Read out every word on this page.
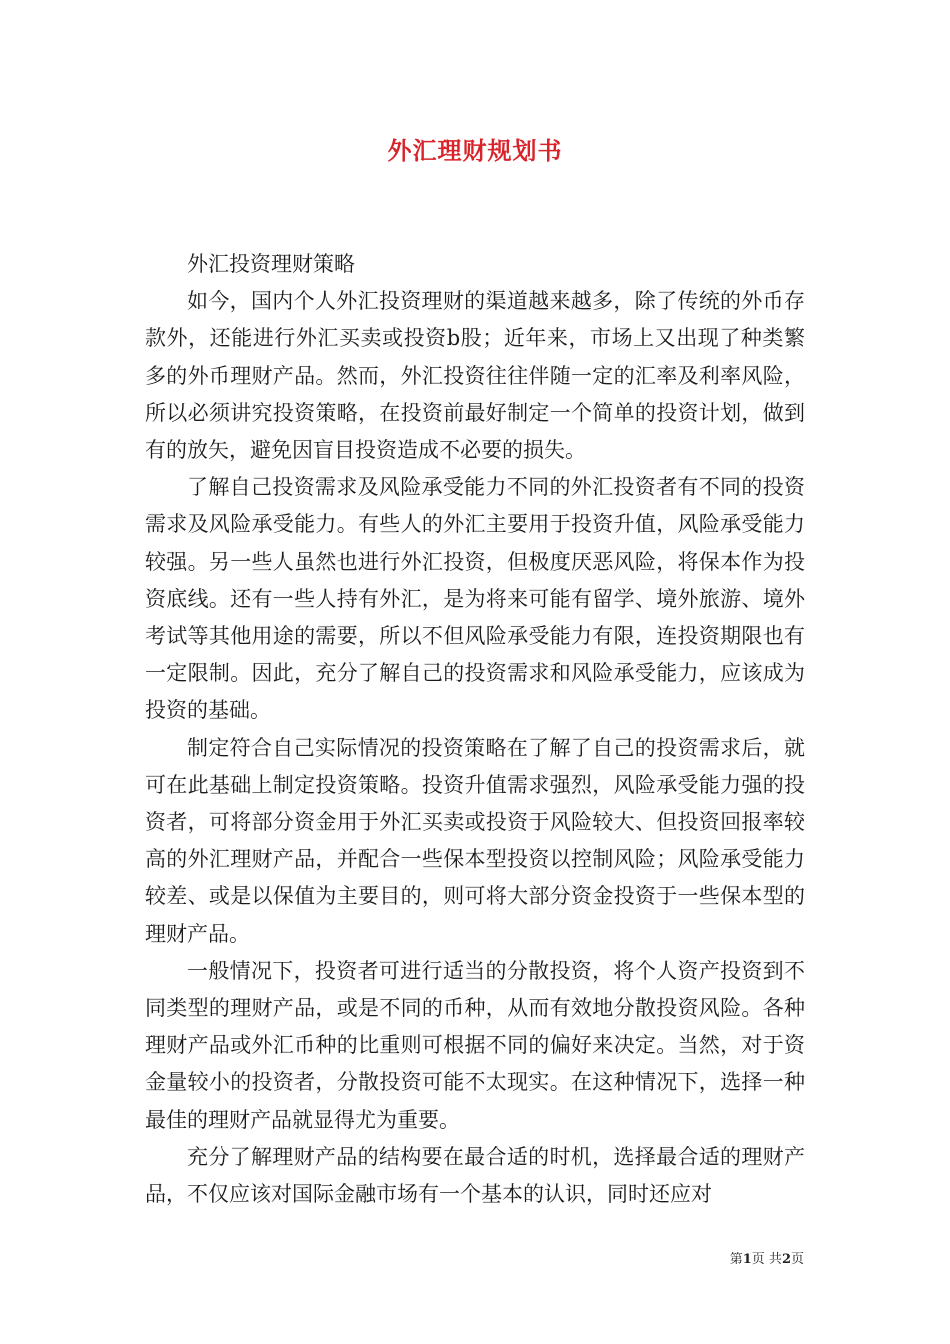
外汇理财规划书

外汇投资理财策略

如今，国内个人外汇投资理财的渠道越来越多，除了传统的外币存款外，还能进行外汇买卖或投资b股；近年来，市场上又出现了种类繁多的外币理财产品。然而，外汇投资往往伴随一定的汇率及利率风险，所以必须讲究投资策略，在投资前最好制定一个简单的投资计划，做到有的放矢，避免因盲目投资造成不必要的损失。

了解自己投资需求及风险承受能力不同的外汇投资者有不同的投资需求及风险承受能力。有些人的外汇主要用于投资升值，风险承受能力较强。另一些人虽然也进行外汇投资，但极度厌恶风险，将保本作为投资底线。还有一些人持有外汇，是为将来可能有留学、境外旅游、境外考试等其他用途的需要，所以不但风险承受能力有限，连投资期限也有一定限制。因此，充分了解自己的投资需求和风险承受能力，应该成为投资的基础。

制定符合自己实际情况的投资策略在了解了自己的投资需求后，就可在此基础上制定投资策略。投资升值需求强烈，风险承受能力强的投资者，可将部分资金用于外汇买卖或投资于风险较大、但投资回报率较高的外汇理财产品，并配合一些保本型投资以控制风险；风险承受能力较差、或是以保值为主要目的，则可将大部分资金投资于一些保本型的理财产品。

一般情况下，投资者可进行适当的分散投资，将个人资产投资到不同类型的理财产品，或是不同的币种，从而有效地分散投资风险。各种理财产品或外汇币种的比重则可根据不同的偏好来决定。当然，对于资金量较小的投资者，分散投资可能不太现实。在这种情况下，选择一种最佳的理财产品就显得尤为重要。

充分了解理财产品的结构要在最合适的时机，选择最合适的理财产品，不仅应该对国际金融市场有一个基本的认识，同时还应对

第1页 共2页
